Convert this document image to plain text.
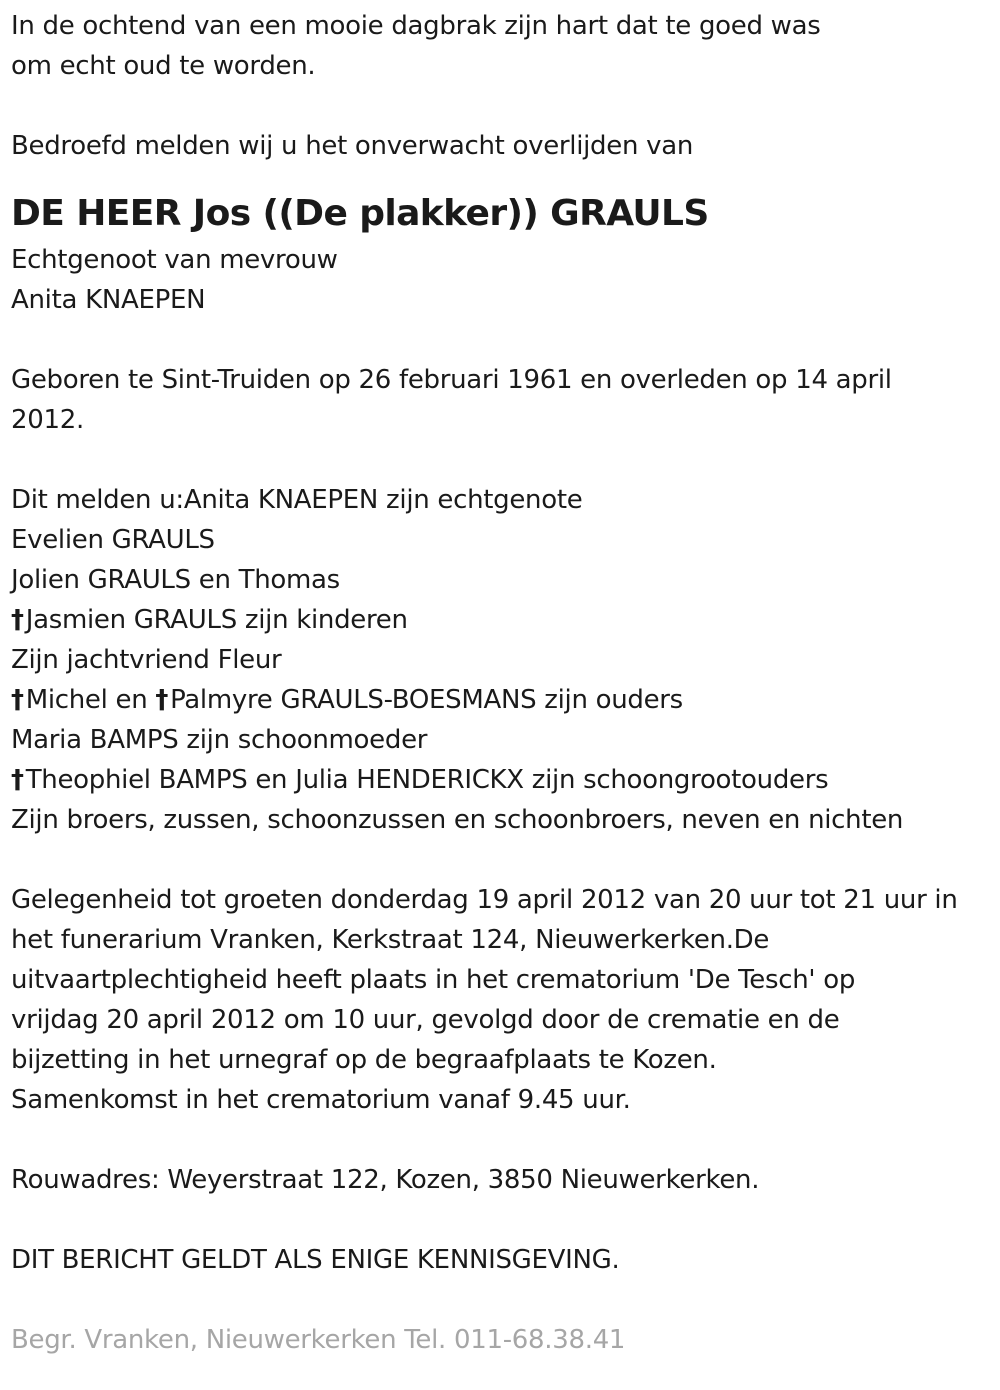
In de ochtend van een mooie dagbrak zijn hart dat te goed was
om echt oud te worden.
Bedroefd melden wij u het onverwacht overlijden van
DE HEER Jos ((De plakker)) GRAULS
Echtgenoot van mevrouw
Anita KNAEPEN
Geboren te Sint-Truiden op 26 februari 1961 en overleden op 14 april
2012.
Dit melden u:Anita KNAEPEN zijn echtgenote
Evelien GRAULS
Jolien GRAULS en Thomas
†Jasmien GRAULS zijn kinderen
Zijn jachtvriend Fleur
†Michel en †Palmyre GRAULS-BOESMANS zijn ouders
Maria BAMPS zijn schoonmoeder
†Theophiel BAMPS en Julia HENDERICKX zijn schoongrootouders
Zijn broers, zussen, schoonzussen en schoonbroers, neven en nichten
Gelegenheid tot groeten donderdag 19 april 2012 van 20 uur tot 21 uur in
het funerarium Vranken, Kerkstraat 124, Nieuwerkerken.De
uitvaartplechtigheid heeft plaats in het crematorium 'De Tesch' op
vrijdag 20 april 2012 om 10 uur, gevolgd door de crematie en de
bijzetting in het urnegraf op de begraafplaats te Kozen.
Samenkomst in het crematorium vanaf 9.45 uur.
Rouwadres: Weyerstraat 122, Kozen, 3850 Nieuwerkerken.
DIT BERICHT GELDT ALS ENIGE KENNISGEVING.
Begr. Vranken, Nieuwerkerken Tel. 011-68.38.41
